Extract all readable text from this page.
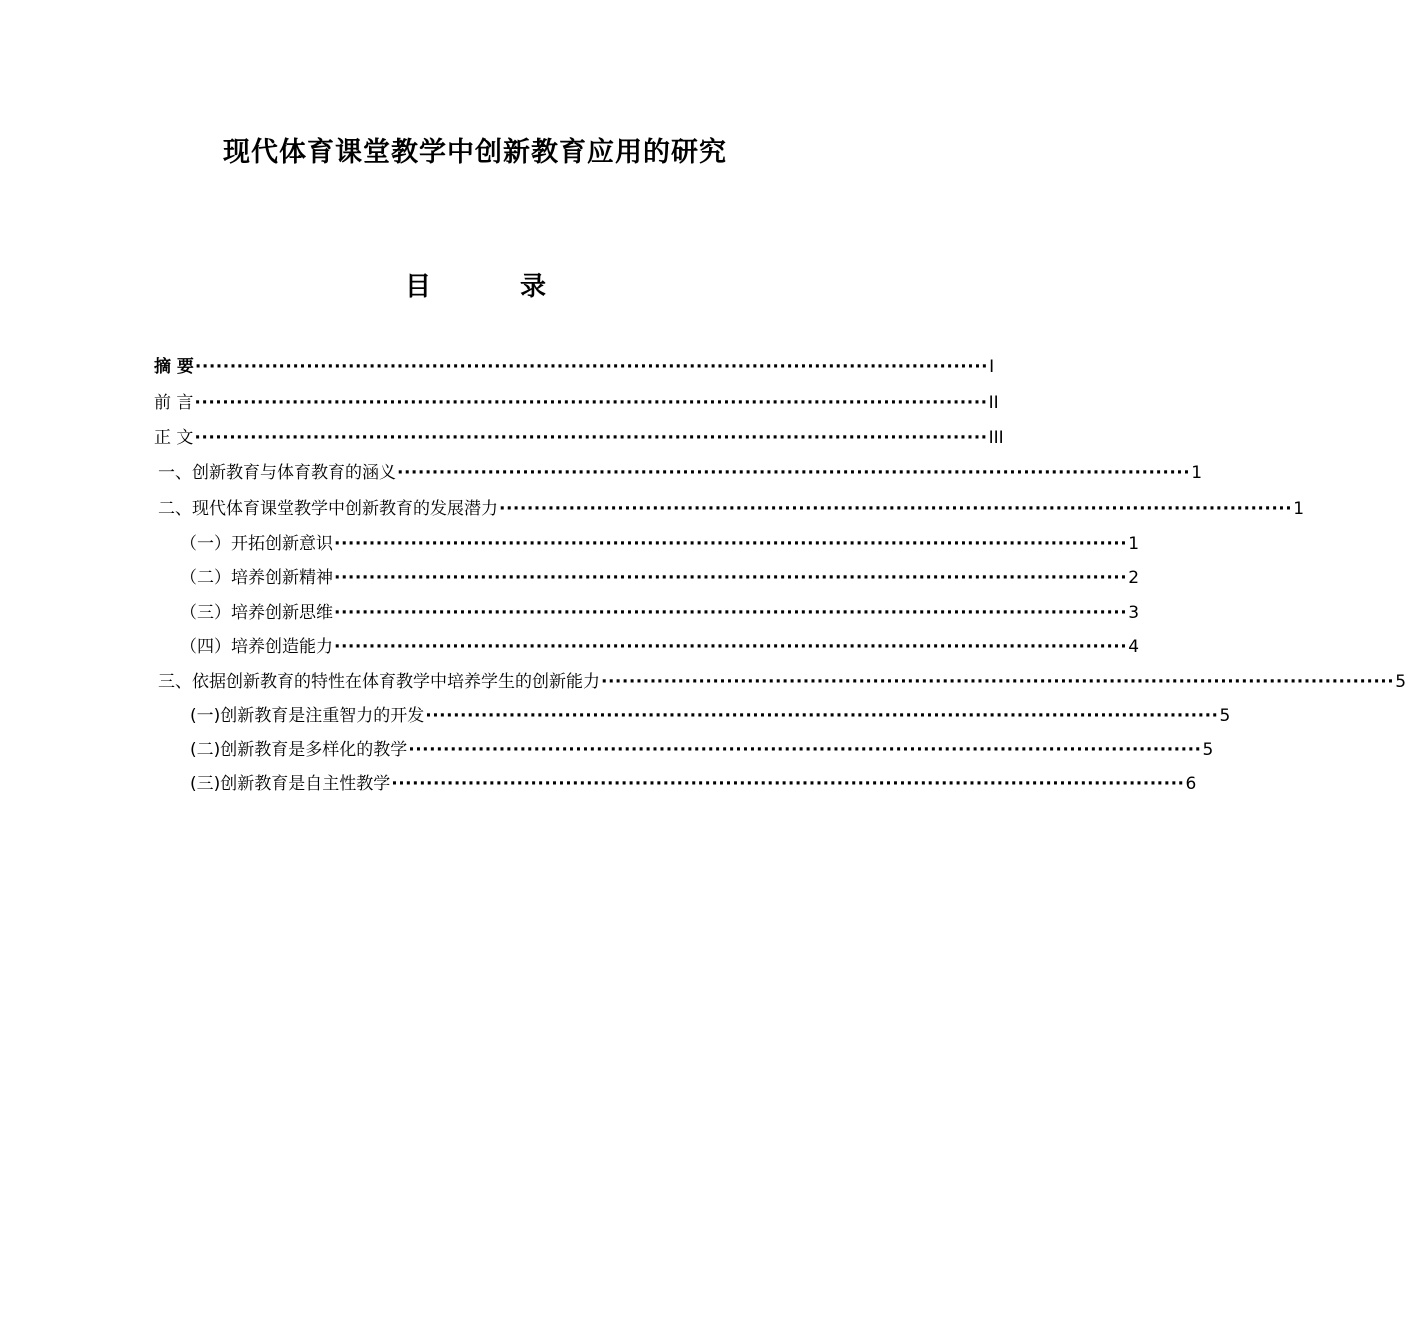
现代体育课堂教学中创新教育应用的研究
目	录
摘 要 ·················································································································· Ⅰ
前 言 ·················································································································· II
正 文 ·················································································································· III
一、创新教育与体育教育的涵义 ·················································································································· 1
二、现代体育课堂教学中创新教育的发展潜力 ·················································································································· 1
（一）开拓创新意识 ·················································································································· 1
（二）培养创新精神 ·················································································································· 2
（三）培养创新思维 ·················································································································· 3
（四）培养创造能力 ·················································································································· 4
三、依据创新教育的特性在体育教学中培养学生的创新能力 ·················································································································· 5
(一)创新教育是注重智力的开发 ·················································································································· 5
(二)创新教育是多样化的教学 ·················································································································· 5
(三)创新教育是自主性教学 ·················································································································· 6
